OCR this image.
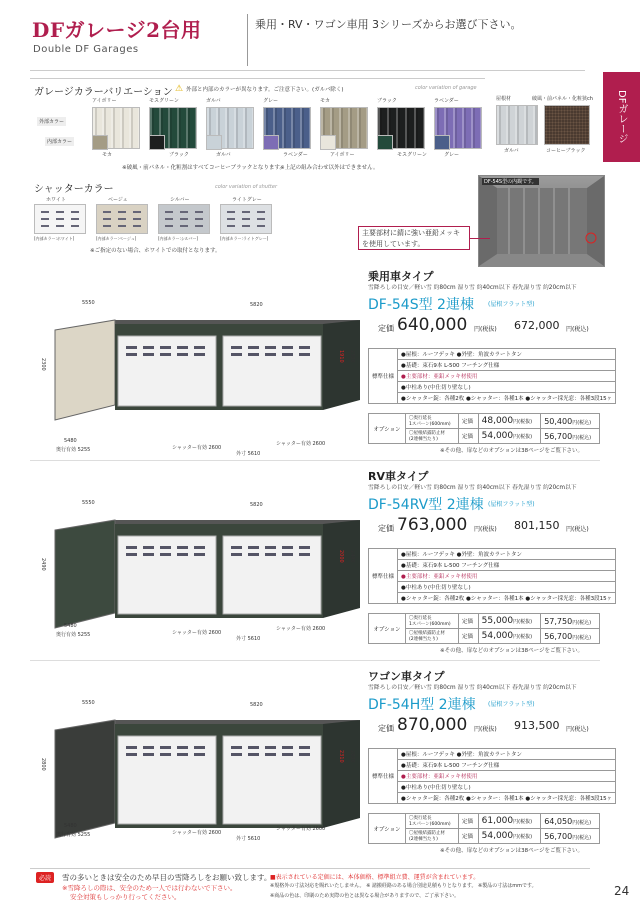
DFガレージ2台用
Double DF Garages
乗用・RV・ワゴン車用 3シリーズからお選び下さい。
DFガレージ
ガレージカラーバリエーション ⚠ 外部と内部のカラーが異なります。ご注意下さい。(ガルバ除く)	color variation of garage
外部カラー
内部カラー
アイボリー
モカ
モスグリーン
ブラック
ガルバ
ガルバ
グレー
ラベンダー
モカ
アイボリー
ブラック
モスグリーン
ラベンダー
グレー
※破風・前パネル・化粧割はすべてコーヒーブラックとなります。
※上記の組み合わせ以外はできません。
屋根材	破風・前パネル・化粧狭ch
ガルバ	コーヒーブラック
シャッターカラー	color variation of shutter
ホワイト
[内部カラー:ホワイト]
ベージュ
[内部カラー:ベージュ]
シルバー
[内部カラー:シルバー]
ライトグレー
[内部カラー:ライトグレー]
※ご指定のない場合、ホワイトでの取付となります。
DF-54S型の内観です。
主要部材に錆に強い亜鉛メッキを使用しています。
5550	5820
2300
1910 2300
5480
奥行有効 5255	シャッター有効 2600
シャッター有効 2600
外寸 5610
乗用車タイプ
雪降ろしの目安／軽い雪 約80cm 湿り雪 約40cm以下 春先湿り雪 約20cm以下
DF-54S型 2連棟 (屋根フラット型)
定価 640,000 円(税抜) 672,000 円(税込)
標準仕様	●屋根：ルーフデッキ ●外壁：角波カラートタン
●基礎：束石9本 L-500 フーチング仕様
●主要部材：亜鉛メッキ材使用
●中柱あり(中仕切り壁なし)
●シャッター錠：各種2枚 ●シャッター：各種1本 ●シャッター採光窓：各種3段15ヶ
オプション	〇奥行延長
1スパーン(600mm)	定価	48,000円(税抜)	50,400円(税込)

	〇屋根結露防止材
(2連棟当たり)	定価	54,000円(税抜)	56,700円(税込)
※その他、扉などのオプションは38ページをご覧下さい。
5550	5820
2490
2000 2490
5480
奥行有効 5255	シャッター有効 2600
シャッター有効 2600
外寸 5610
RV車タイプ
雪降ろしの目安／軽い雪 約80cm 湿り雪 約40cm以下 春先湿り雪 約20cm以下
DF-54RV型 2連棟 (屋根フラット型)
定価 763,000 円(税抜) 801,150 円(税込)
標準仕様	●屋根：ルーフデッキ ●外壁：角波カラートタン
●基礎：束石9本 L-500 フーチング仕様
●主要部材：亜鉛メッキ材使用
●中柱あり(中仕切り壁なし)
●シャッター錠：各種2枚 ●シャッター：各種1本 ●シャッター採光窓：各種3段15ヶ
オプション	〇奥行延長
1スパーン(600mm)	定価	55,000円(税抜)	57,750円(税込)

	〇屋根結露防止材
(2連棟当たり)	定価	54,000円(税抜)	56,700円(税込)
※その他、扉などのオプションは38ページをご覧下さい。
5550	5820
2800
2310 2800
5480
奥行有効 5255	シャッター有効 2600
シャッター有効 2600
外寸 5610
ワゴン車タイプ
雪降ろしの目安／軽い雪 約80cm 湿り雪 約40cm以下 春先湿り雪 約20cm以下
DF-54H型 2連棟 (屋根フラット型)
定価 870,000 円(税抜) 913,500 円(税込)
標準仕様	●屋根：ルーフデッキ ●外壁：角波カラートタン
●基礎：束石9本 L-500 フーチング仕様
●主要部材：亜鉛メッキ材使用
●中柱あり(中仕切り壁なし)
●シャッター錠：各種2枚 ●シャッター：各種1本 ●シャッター採光窓：各種3段15ヶ
オプション	〇奥行延長
1スパーン(600mm)	定価	61,000円(税抜)	64,050円(税込)

	〇屋根結露防止材
(2連棟当たり)	定価	54,000円(税抜)	56,700円(税込)
※その他、扉などのオプションは38ページをご覧下さい。
必読	雪の多いときは安全のため早目の雪降ろしをお願い致します。
※雪降ろしの際は、安全のため一人では行わないで下さい。
安全対策もしっかり行ってください。
■表示されている定価には、本体価格、標準組立費、運賃が含まれています。
※規格外の寸法対応を賜れいたしません。 ※ 諸搬経路のある場合別途見積もりとなります。 ※製品の寸法はmmです。
※商品の色は、印刷のため実際の色とは異なる場合がありますので、ご了承下さい。	24
